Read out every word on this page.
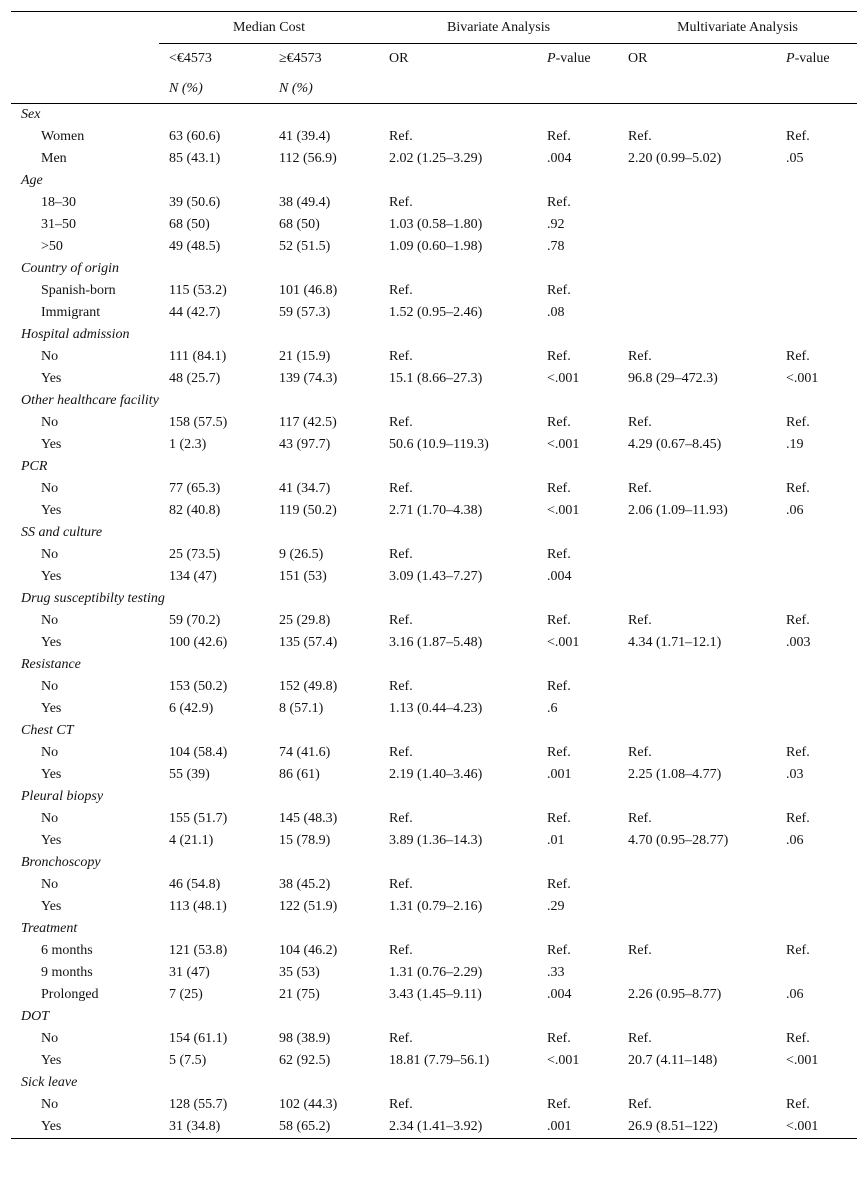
	Median Cost		Bivariate Analysis		Multivariate Analysis	
	<€4573	≥€4573	OR	P-value	OR	P-value
	N (%)	N (%)				
Sex						
Women	63 (60.6)	41 (39.4)	Ref.	Ref.	Ref.	Ref.
Men	85 (43.1)	112 (56.9)	2.02 (1.25–3.29)	.004	2.20 (0.99–5.02)	.05
Age						
18–30	39 (50.6)	38 (49.4)	Ref.	Ref.		
31–50	68 (50)	68 (50)	1.03 (0.58–1.80)	.92		
>50	49 (48.5)	52 (51.5)	1.09 (0.60–1.98)	.78		
Country of origin						
Spanish-born	115 (53.2)	101 (46.8)	Ref.	Ref.		
Immigrant	44 (42.7)	59 (57.3)	1.52 (0.95–2.46)	.08		
Hospital admission						
No	111 (84.1)	21 (15.9)	Ref.	Ref.	Ref.	Ref.
Yes	48 (25.7)	139 (74.3)	15.1 (8.66–27.3)	<.001	96.8 (29–472.3)	<.001
Other healthcare facility						
No	158 (57.5)	117 (42.5)	Ref.	Ref.	Ref.	Ref.
Yes	1 (2.3)	43 (97.7)	50.6 (10.9–119.3)	<.001	4.29 (0.67–8.45)	.19
PCR						
No	77 (65.3)	41 (34.7)	Ref.	Ref.	Ref.	Ref.
Yes	82 (40.8)	119 (50.2)	2.71 (1.70–4.38)	<.001	2.06 (1.09–11.93)	.06
SS and culture						
No	25 (73.5)	9 (26.5)	Ref.	Ref.		
Yes	134 (47)	151 (53)	3.09 (1.43–7.27)	.004		
Drug susceptibilty testing						
No	59 (70.2)	25 (29.8)	Ref.	Ref.	Ref.	Ref.
Yes	100 (42.6)	135 (57.4)	3.16 (1.87–5.48)	<.001	4.34 (1.71–12.1)	.003
Resistance						
No	153 (50.2)	152 (49.8)	Ref.	Ref.		
Yes	6 (42.9)	8 (57.1)	1.13 (0.44–4.23)	.6		
Chest CT						
No	104 (58.4)	74 (41.6)	Ref.	Ref.	Ref.	Ref.
Yes	55 (39)	86 (61)	2.19 (1.40–3.46)	.001	2.25 (1.08–4.77)	.03
Pleural biopsy						
No	155 (51.7)	145 (48.3)	Ref.	Ref.	Ref.	Ref.
Yes	4 (21.1)	15 (78.9)	3.89 (1.36–14.3)	.01	4.70 (0.95–28.77)	.06
Bronchoscopy						
No	46 (54.8)	38 (45.2)	Ref.	Ref.		
Yes	113 (48.1)	122 (51.9)	1.31 (0.79–2.16)	.29		
Treatment						
6 months	121 (53.8)	104 (46.2)	Ref.	Ref.	Ref.	Ref.
9 months	31 (47)	35 (53)	1.31 (0.76–2.29)	.33		
Prolonged	7 (25)	21 (75)	3.43 (1.45–9.11)	.004	2.26 (0.95–8.77)	.06
DOT						
No	154 (61.1)	98 (38.9)	Ref.	Ref.	Ref.	Ref.
Yes	5 (7.5)	62 (92.5)	18.81 (7.79–56.1)	<.001	20.7 (4.11–148)	<.001
Sick leave						
No	128 (55.7)	102 (44.3)	Ref.	Ref.	Ref.	Ref.
Yes	31 (34.8)	58 (65.2)	2.34 (1.41–3.92)	.001	26.9 (8.51–122)	<.001
